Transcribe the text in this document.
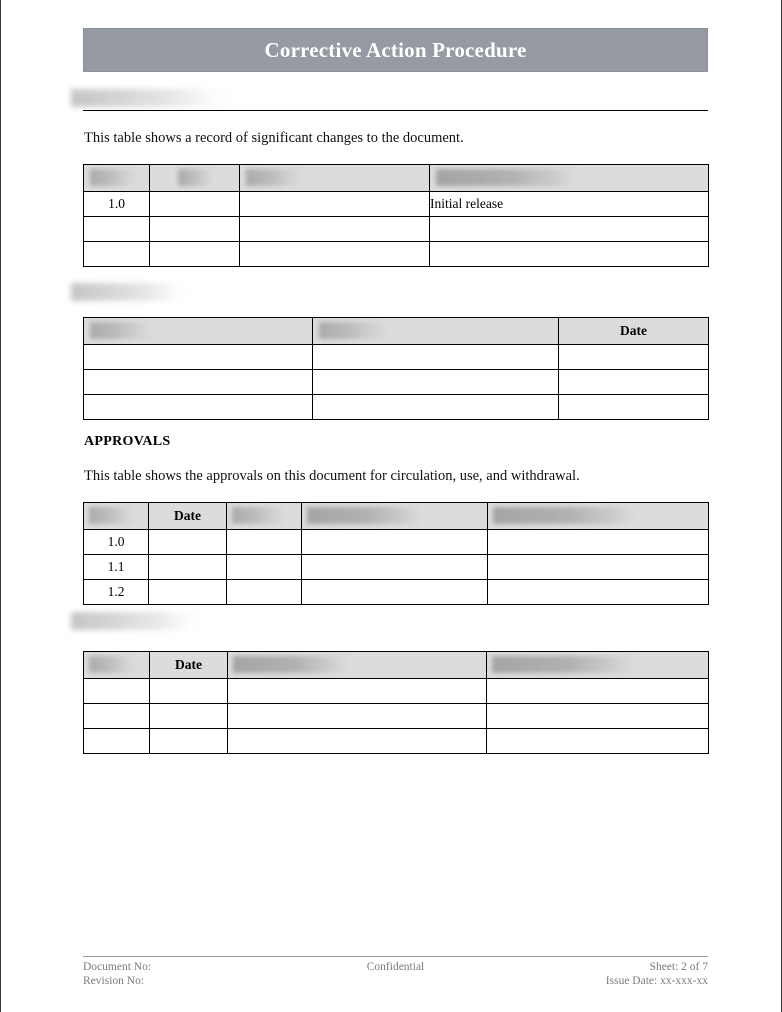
Corrective Action Procedure
This table shows a record of significant changes to the document.

1.0			Initial release

		Date

APPROVALS
This table shows the approvals on this document for circulation, use, and withdrawal.

	Date			

1.0				
1.1				
1.2				

	Date		

Document No:
Revision No:
Confidential	Sheet: 2 of 7
Issue Date: xx-xxx-xx
